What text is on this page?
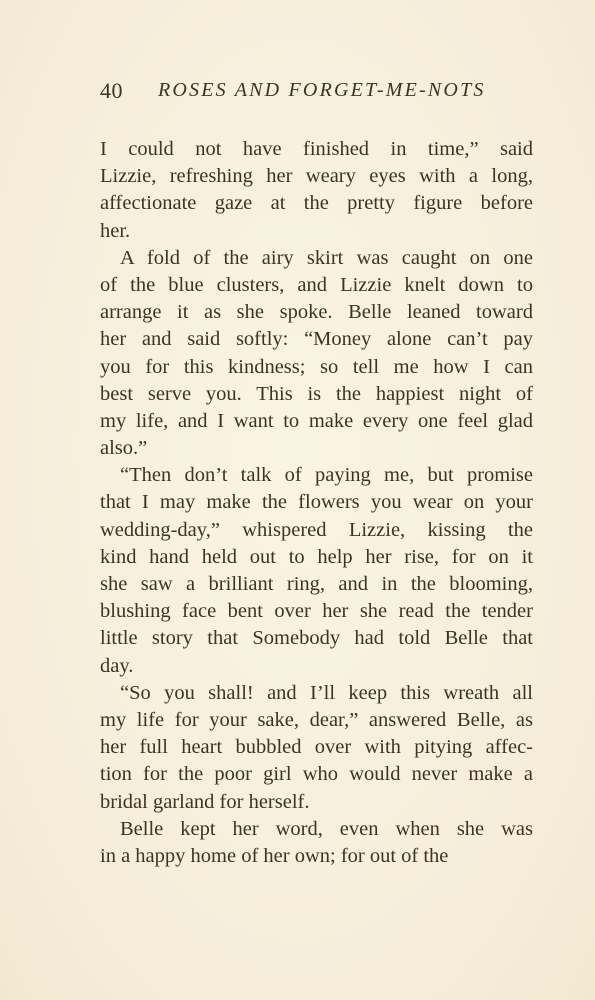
40 ROSES AND FORGET-ME-NOTS

I could not have finished in time,” said
Lizzie, refreshing her weary eyes with a long,
affectionate gaze at the pretty figure before
her.

A fold of the airy skirt was caught on one
of the blue clusters, and Lizzie knelt down to
arrange it as she spoke. Belle leaned toward
her and said softly: “Money alone can’t pay
you for this kindness; so tell me how I can
best serve you. This is the happiest night of
my life, and I want to make every one feel glad
also.”

“Then don’t talk of paying me, but promise
that I may make the flowers you wear on your
wedding-day,” whispered Lizzie, kissing the
kind hand held out to help her rise, for on it
she saw a brilliant ring, and in the blooming,
blushing face bent over her she read the tender
little story that Somebody had told Belle that
day.

“So you shall! and I’ll keep this wreath all
my life for your sake, dear,” answered Belle, as
her full heart bubbled over with pitying affec-
tion for the poor girl who would never make a
bridal garland for herself.

Belle kept her word, even when she was
in a happy home of her own; for out of the
